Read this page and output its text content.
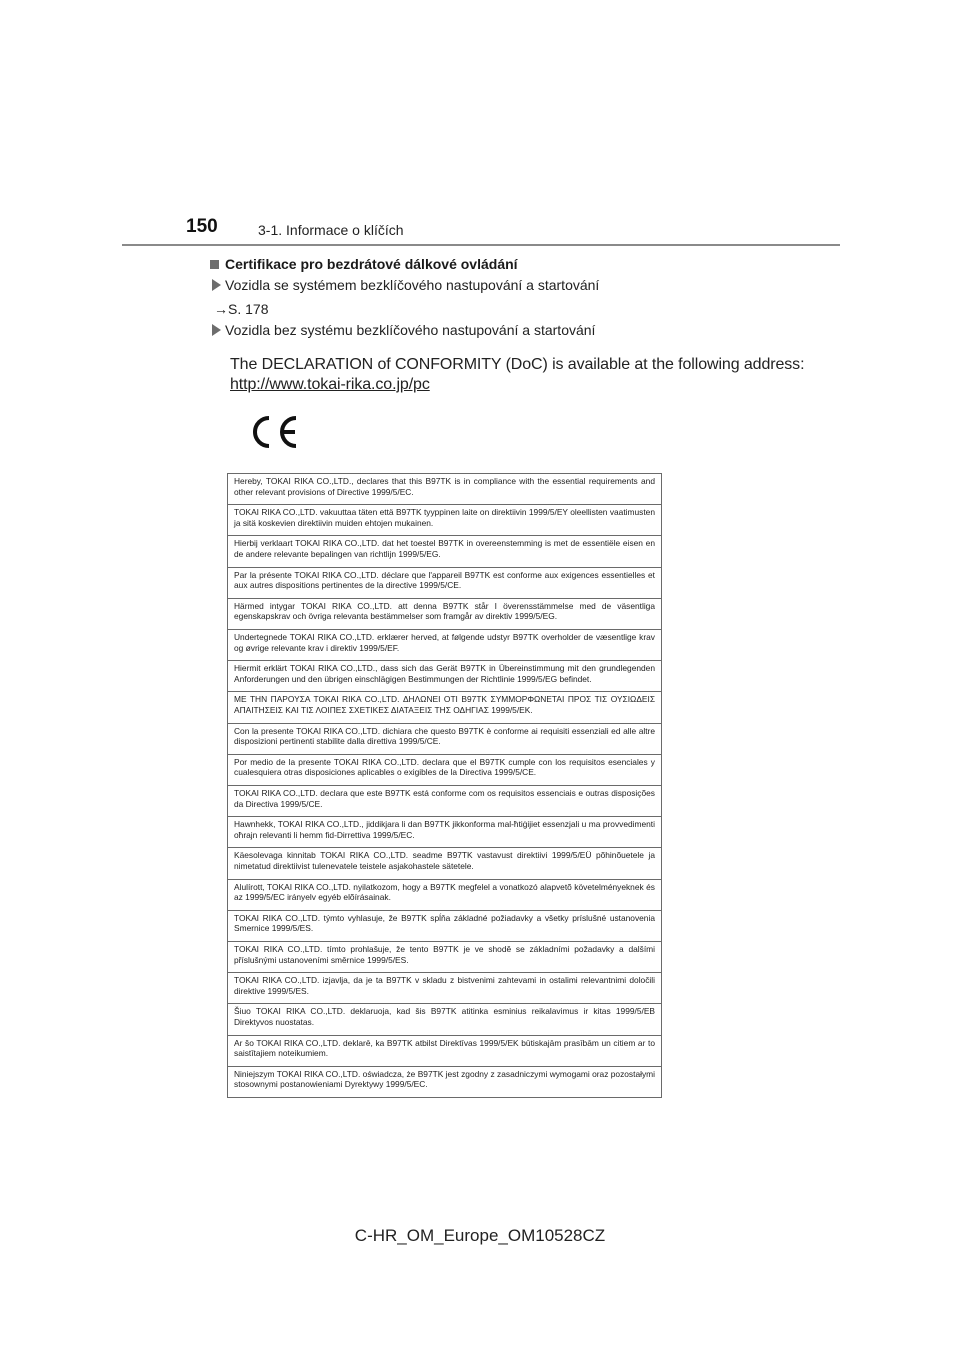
150	3-1. Informace o klíčích
Certifikace pro bezdrátové dálkové ovládání
Vozidla se systémem bezklíčového nastupování a startování
→S. 178
Vozidla bez systému bezklíčového nastupování a startování
The DECLARATION of CONFORMITY (DoC) is available at the following address:
http://www.tokai-rika.co.jp/pc
Hereby, TOKAI RIKA CO.,LTD., declares that this B97TK is in compliance with the essential requirements and other relevant provisions of Directive 1999/5/EC.
TOKAI RIKA CO.,LTD. vakuuttaa täten että B97TK tyyppinen laite on direktiivin 1999/5/EY oleellisten vaatimusten ja sitä koskevien direktiivin muiden ehtojen mukainen.
Hierbij verklaart TOKAI RIKA CO.,LTD. dat het toestel B97TK in overeenstemming is met de essentiële eisen en de andere relevante bepalingen van richtlijn 1999/5/EG.
Par la présente TOKAI RIKA CO.,LTD. déclare que l'appareil B97TK est conforme aux exigences essentielles et aux autres dispositions pertinentes de la directive 1999/5/CE.
Härmed intygar TOKAI RIKA CO.,LTD. att denna B97TK står I överensstämmelse med de väsentliga egenskapskrav och övriga relevanta bestämmelser som framgår av direktiv 1999/5/EG.
Undertegnede TOKAI RIKA CO.,LTD. erklærer herved, at følgende udstyr B97TK overholder de væsentlige krav og øvrige relevante krav i direktiv 1999/5/EF.
Hiermit erklärt TOKAI RIKA CO.,LTD., dass sich das Gerät B97TK in Übereinstimmung mit den grundlegenden Anforderungen und den übrigen einschlägigen Bestimmungen der Richtlinie 1999/5/EG befindet.
ΜΕ ΤΗΝ ΠΑΡΟΥΣΑ TOKAI RIKA CO.,LTD. ΔΗΛΩΝΕΙ ΟΤΙ B97TK ΣΥΜΜΟΡΦΩΝΕΤΑΙ ΠΡΟΣ ΤΙΣ ΟΥΣΙΩΔΕΙΣ ΑΠΑΙΤΗΣΕΙΣ ΚΑΙ ΤΙΣ ΛΟΙΠΕΣ ΣΧΕΤΙΚΕΣ ΔΙΑΤΑΞΕΙΣ ΤΗΣ ΟΔΗΓΙΑΣ 1999/5/ΕΚ.
Con la presente TOKAI RIKA CO.,LTD. dichiara che questo B97TK è conforme ai requisiti essenziali ed alle altre disposizioni pertinenti stabilite dalla direttiva 1999/5/CE.
Por medio de la presente TOKAI RIKA CO.,LTD. declara que el B97TK cumple con los requisitos esenciales y cualesquiera otras disposiciones aplicables o exigibles de la Directiva 1999/5/CE.
TOKAI RIKA CO.,LTD. declara que este B97TK está conforme com os requisitos essenciais e outras disposições da Directiva 1999/5/CE.
Hawnhekk, TOKAI RIKA CO.,LTD., jiddikjara li dan B97TK jikkonforma mal-ħtiġijiet essenzjali u ma provvedimenti oħrajn relevanti li hemm fid-Dirrettiva 1999/5/EC.
Käesolevaga kinnitab TOKAI RIKA CO.,LTD. seadme B97TK vastavust direktiivi 1999/5/EÜ põhinõuetele ja nimetatud direktiivist tulenevatele teistele asjakohastele sätetele.
Alulírott, TOKAI RIKA CO.,LTD. nyilatkozom, hogy a B97TK megfelel a vonatkozó alapvetõ követelményeknek és az 1999/5/EC irányelv egyéb elõírásainak.
TOKAI RIKA CO.,LTD. týmto vyhlasuje, že B97TK spĺňa základné požiadavky a všetky príslušné ustanovenia Smernice 1999/5/ES.
TOKAI RIKA CO.,LTD. tímto prohlašuje, že tento B97TK je ve shodě se základními požadavky a dalšími příslušnými ustanoveními směrnice 1999/5/ES.
TOKAI RIKA CO.,LTD. izjavlja, da je ta B97TK v skladu z bistvenimi zahtevami in ostalimi relevantnimi določili direktive 1999/5/ES.
Šiuo TOKAI RIKA CO.,LTD. deklaruoja, kad šis B97TK atitinka esminius reikalavimus ir kitas 1999/5/EB Direktyvos nuostatas.
Ar šo TOKAI RIKA CO.,LTD. deklarē, ka B97TK atbilst Direktīvas 1999/5/EK būtiskajām prasībām un citiem ar to saistītajiem noteikumiem.
Niniejszym TOKAI RIKA CO.,LTD. oświadcza, że B97TK jest zgodny z zasadniczymi wymogami oraz pozostałymi stosownymi postanowieniami Dyrektywy 1999/5/EC.
C-HR_OM_Europe_OM10528CZ
